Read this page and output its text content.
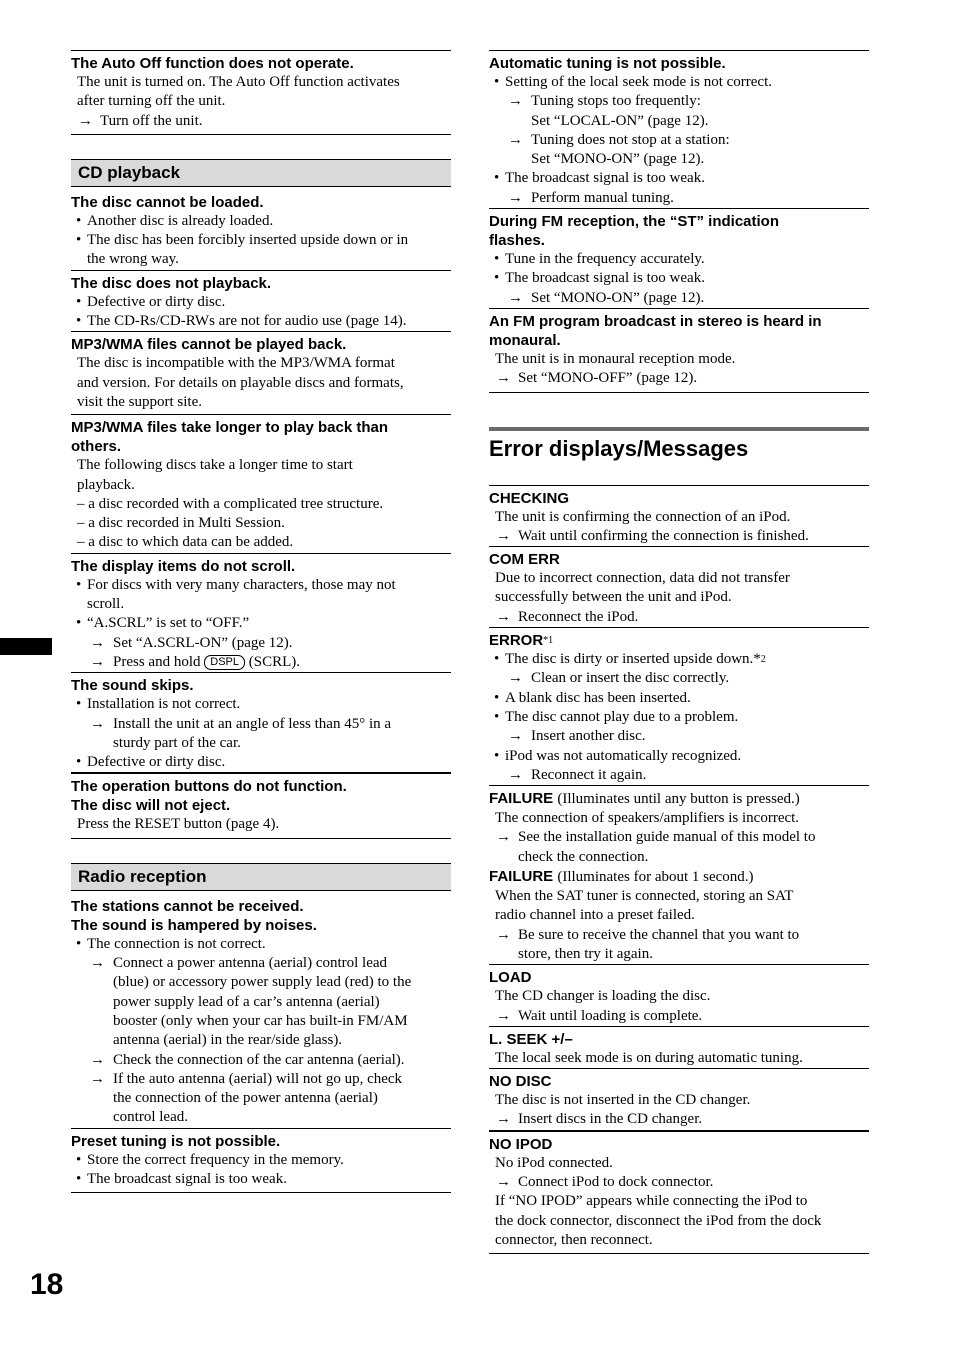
The Auto Off function does not operate.
The unit is turned on. The Auto Off function activates
after turning off the unit.
→ Turn off the unit.
CD playback
The disc cannot be loaded.
• Another disc is already loaded.
• The disc has been forcibly inserted upside down or in
the wrong way.
The disc does not playback.
• Defective or dirty disc.
• The CD-Rs/CD-RWs are not for audio use (page 14).
MP3/WMA files cannot be played back.
The disc is incompatible with the MP3/WMA format
and version. For details on playable discs and formats,
visit the support site.
MP3/WMA files take longer to play back than
others.
The following discs take a longer time to start
playback.
– a disc recorded with a complicated tree structure.
– a disc recorded in Multi Session.
– a disc to which data can be added.
The display items do not scroll.
• For discs with very many characters, those may not
scroll.
• “A.SCRL” is set to “OFF.”
→ Set “A.SCRL-ON” (page 12).
→ Press and hold DSPL (SCRL).
The sound skips.
• Installation is not correct.
→ Install the unit at an angle of less than 45° in a
sturdy part of the car.
• Defective or dirty disc.
The operation buttons do not function.
The disc will not eject.
Press the RESET button (page 4).
Radio reception
The stations cannot be received.
The sound is hampered by noises.
• The connection is not correct.
→ Connect a power antenna (aerial) control lead
(blue) or accessory power supply lead (red) to the
power supply lead of a car’s antenna (aerial)
booster (only when your car has built-in FM/AM
antenna (aerial) in the rear/side glass).
→ Check the connection of the car antenna (aerial).
→ If the auto antenna (aerial) will not go up, check
the connection of the power antenna (aerial)
control lead.
Preset tuning is not possible.
• Store the correct frequency in the memory.
• The broadcast signal is too weak.
Automatic tuning is not possible.
• Setting of the local seek mode is not correct.
→ Tuning stops too frequently:
Set “LOCAL-ON” (page 12).
→ Tuning does not stop at a station:
Set “MONO-ON” (page 12).
• The broadcast signal is too weak.
→ Perform manual tuning.
During FM reception, the “ST” indication
flashes.
• Tune in the frequency accurately.
• The broadcast signal is too weak.
→ Set “MONO-ON” (page 12).
An FM program broadcast in stereo is heard in
monaural.
The unit is in monaural reception mode.
→ Set “MONO-OFF” (page 12).
Error displays/Messages
CHECKING
The unit is confirming the connection of an iPod.
→ Wait until confirming the connection is finished.
COM ERR
Due to incorrect connection, data did not transfer
successfully between the unit and iPod.
→ Reconnect the iPod.
ERROR$^{*1}$
• The disc is dirty or inserted upside down.*$^2$
→ Clean or insert the disc correctly.
• A blank disc has been inserted.
• The disc cannot play due to a problem.
→ Insert another disc.
• iPod was not automatically recognized.
→ Reconnect it again.
FAILURE (Illuminates until any button is pressed.)
The connection of speakers/amplifiers is incorrect.
→ See the installation guide manual of this model to
check the connection.
FAILURE (Illuminates for about 1 second.)
When the SAT tuner is connected, storing an SAT
radio channel into a preset failed.
→ Be sure to receive the channel that you want to
store, then try it again.
LOAD
The CD changer is loading the disc.
→ Wait until loading is complete.
L. SEEK +/–
The local seek mode is on during automatic tuning.
NO DISC
The disc is not inserted in the CD changer.
→ Insert discs in the CD changer.
NO IPOD
No iPod connected.
→ Connect iPod to dock connector.
If “NO IPOD” appears while connecting the iPod to
the dock connector, disconnect the iPod from the dock
connector, then reconnect.
18
